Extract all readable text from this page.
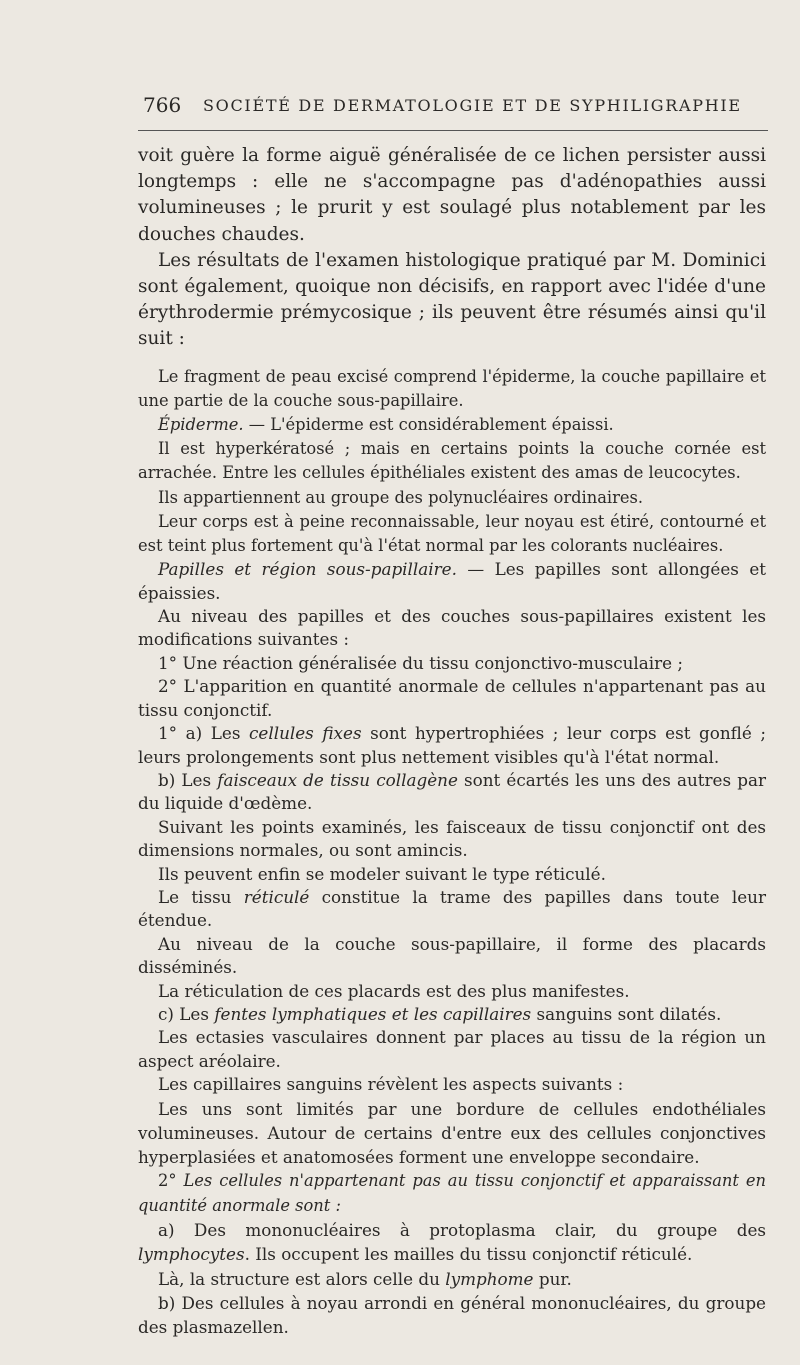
766 SOCIÉTÉ DE DERMATOLOGIE ET DE SYPHILIGRAPHIE

voit guère la forme aiguë généralisée de ce lichen persister aussi longtemps : elle ne s'accompagne pas d'adénopathies aussi volumineuses ; le prurit y est soulagé plus notablement par les douches chaudes.

Les résultats de l'examen histologique pratiqué par M. Dominici sont également, quoique non décisifs, en rapport avec l'idée d'une érythrodermie prémycosique ; ils peuvent être résumés ainsi qu'il suit :

Le fragment de peau excisé comprend l'épiderme, la couche papillaire et une partie de la couche sous-papillaire.

Épiderme. — L'épiderme est considérablement épaissi.

Il est hyperkératosé ; mais en certains points la couche cornée est arrachée. Entre les cellules épithéliales existent des amas de leucocytes.

Ils appartiennent au groupe des polynucléaires ordinaires.

Leur corps est à peine reconnaissable, leur noyau est étiré, contourné et est teint plus fortement qu'à l'état normal par les colorants nucléaires.

Papilles et région sous-papillaire. — Les papilles sont allongées et épaissies.

Au niveau des papilles et des couches sous-papillaires existent les modifications suivantes :

1° Une réaction généralisée du tissu conjonctivo-musculaire ;

2° L'apparition en quantité anormale de cellules n'appartenant pas au tissu conjonctif.

1° a) Les cellules fixes sont hypertrophiées ; leur corps est gonflé ; leurs prolongements sont plus nettement visibles qu'à l'état normal.

b) Les faisceaux de tissu collagène sont écartés les uns des autres par du liquide d'œdème.

Suivant les points examinés, les faisceaux de tissu conjonctif ont des dimensions normales, ou sont amincis.

Ils peuvent enfin se modeler suivant le type réticulé.

Le tissu réticulé constitue la trame des papilles dans toute leur étendue.

Au niveau de la couche sous-papillaire, il forme des placards disséminés.

La réticulation de ces placards est des plus manifestes.

c) Les fentes lymphatiques et les capillaires sanguins sont dilatés.

Les ectasies vasculaires donnent par places au tissu de la région un aspect aréolaire.

Les capillaires sanguins révèlent les aspects suivants :

Les uns sont limités par une bordure de cellules endothéliales volumineuses. Autour de certains d'entre eux des cellules conjonctives hyperplasiées et anatomosées forment une enveloppe secondaire.

2° Les cellules n'appartenant pas au tissu conjonctif et apparaissant en quantité anormale sont :

a) Des mononucléaires à protoplasma clair, du groupe des lymphocytes. Ils occupent les mailles du tissu conjonctif réticulé.

Là, la structure est alors celle du lymphome pur.

b) Des cellules à noyau arrondi en général mononucléaires, du groupe des plasmazellen.
